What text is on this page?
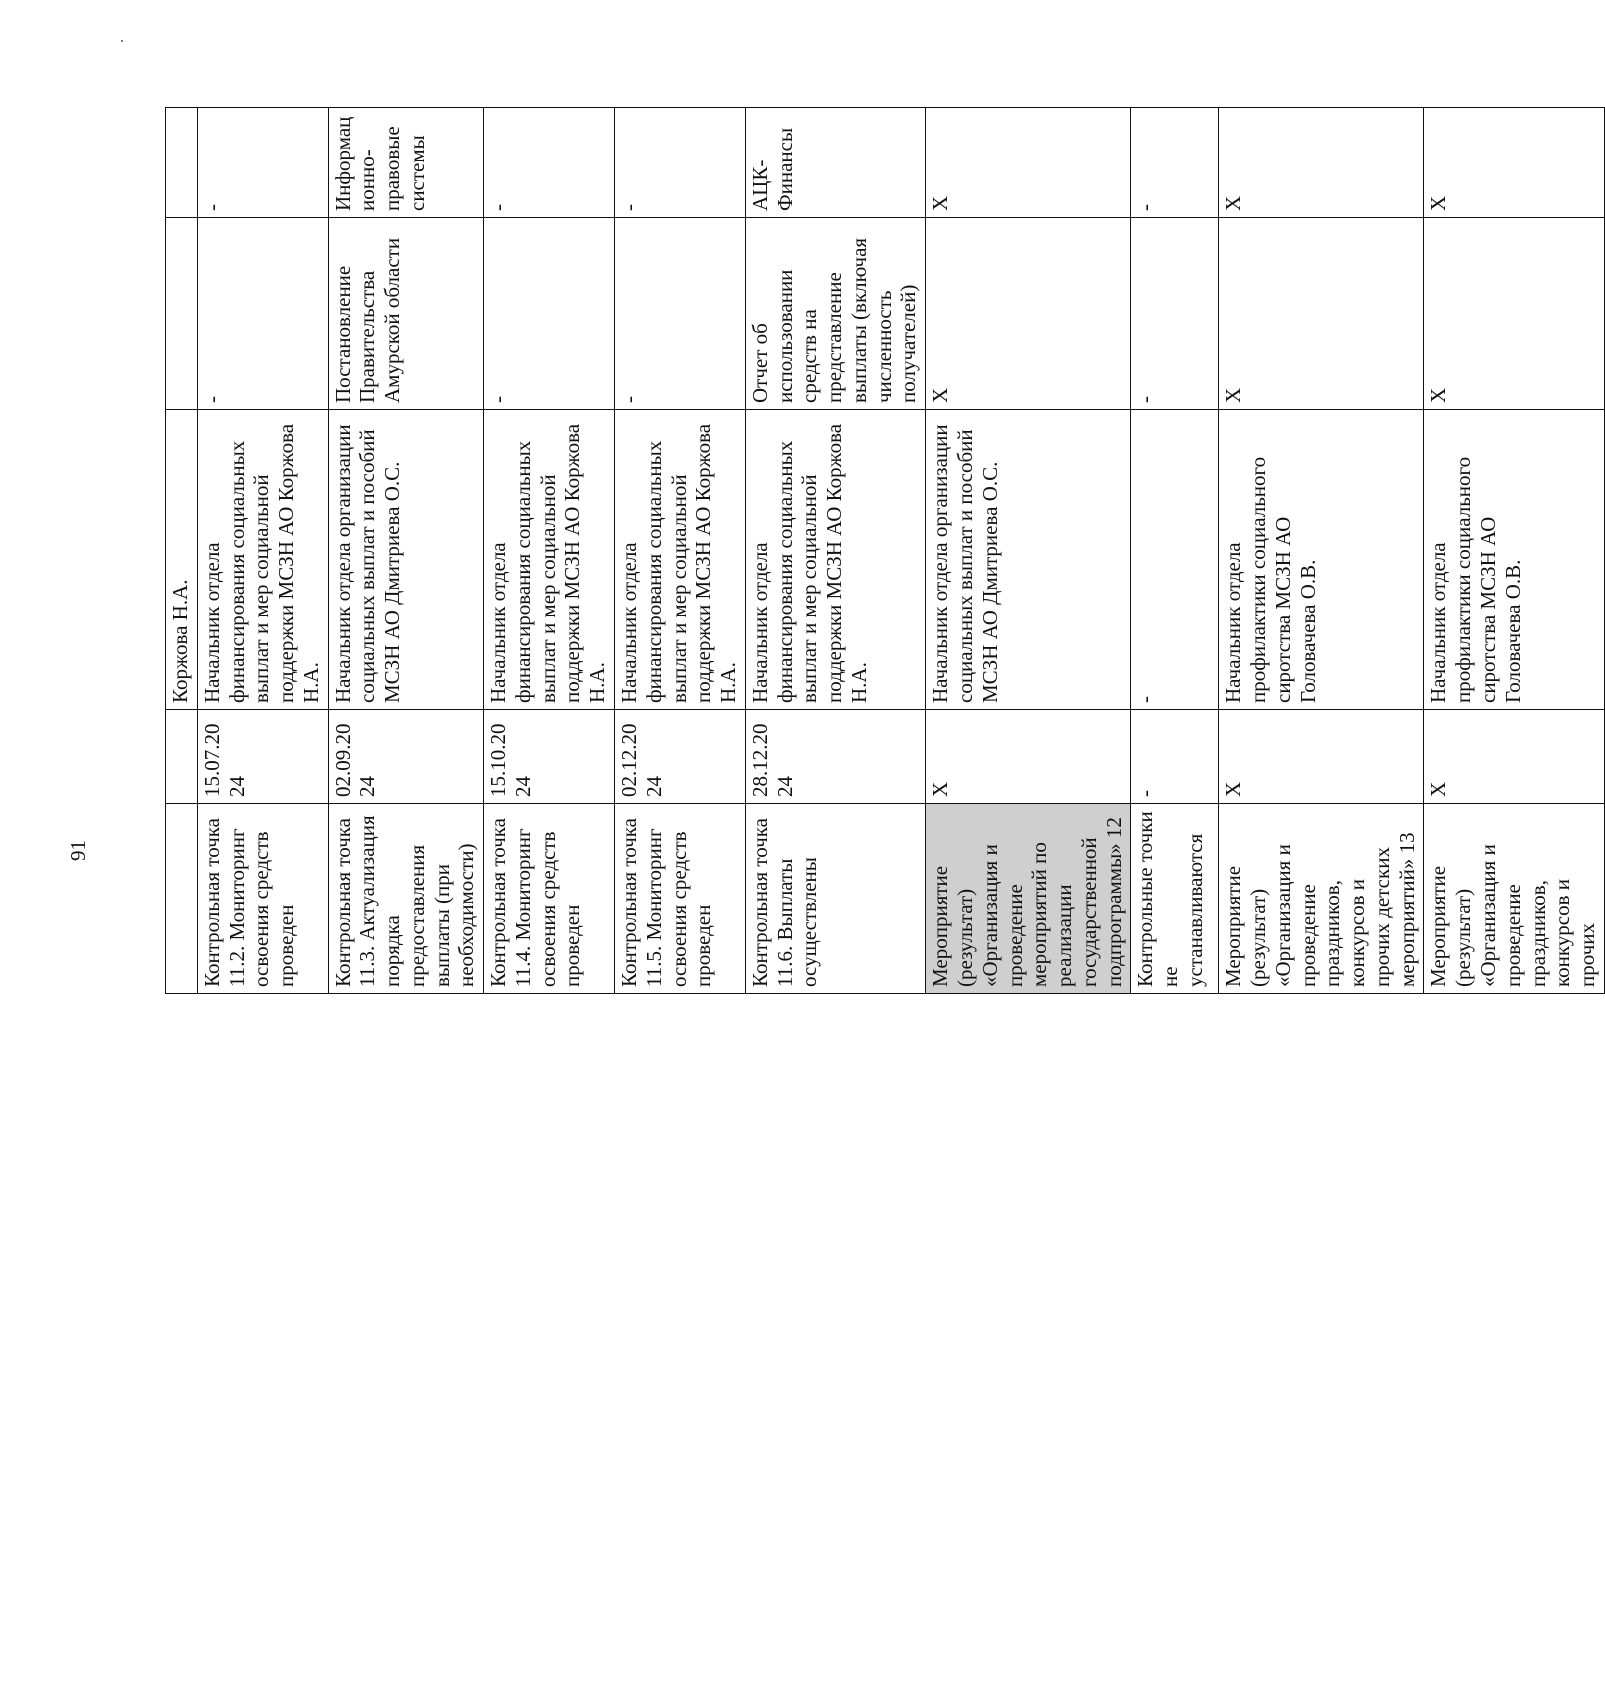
91
		Коржова Н.А.		
Контрольная точка 11.2. Мониторинг освоения средств проведен	15.07.2024	Начальник отдела финансирования социальных выплат и мер социальной поддержки МСЗН АО Коржова Н.А.	-	-
Контрольная точка 11.3. Актуализация порядка предоставления выплаты (при необходимости)	02.09.2024	Начальник отдела организации социальных выплат и пособий МСЗН АО Дмитриева О.С.	Постановление Правительства Амурской области	Информационно-правовые системы
Контрольная точка 11.4. Мониторинг освоения средств проведен	15.10.2024	Начальник отдела финансирования социальных выплат и мер социальной поддержки МСЗН АО Коржова Н.А.	-	-
Контрольная точка 11.5. Мониторинг освоения средств проведен	02.12.2024	Начальник отдела финансирования социальных выплат и мер социальной поддержки МСЗН АО Коржова Н.А.	-	-
Контрольная точка 11.6. Выплаты осуществлены	28.12.2024	Начальник отдела финансирования социальных выплат и мер социальной поддержки МСЗН АО Коржова Н.А.	Отчет об использовании средств на представление выплаты (включая численность получателей)	АЦК-Финансы
Мероприятие (результат) «Организация и проведение мероприятий по реализации государственной подпрограммы» 12	Х	Начальник отдела организации социальных выплат и пособий МСЗН АО Дмитриева О.С.	Х	Х
Контрольные точки не устанавливаются	-	-	-	-
Мероприятие (результат) «Организация и проведение праздников, конкурсов и прочих детских мероприятий» 13	Х	Начальник отдела профилактики социального сиротства МСЗН АО Головачева О.В.	Х	Х
Мероприятие (результат) «Организация и проведение праздников, конкурсов и прочих	Х	Начальник отдела профилактики социального сиротства МСЗН АО Головачева О.В.	Х	Х
